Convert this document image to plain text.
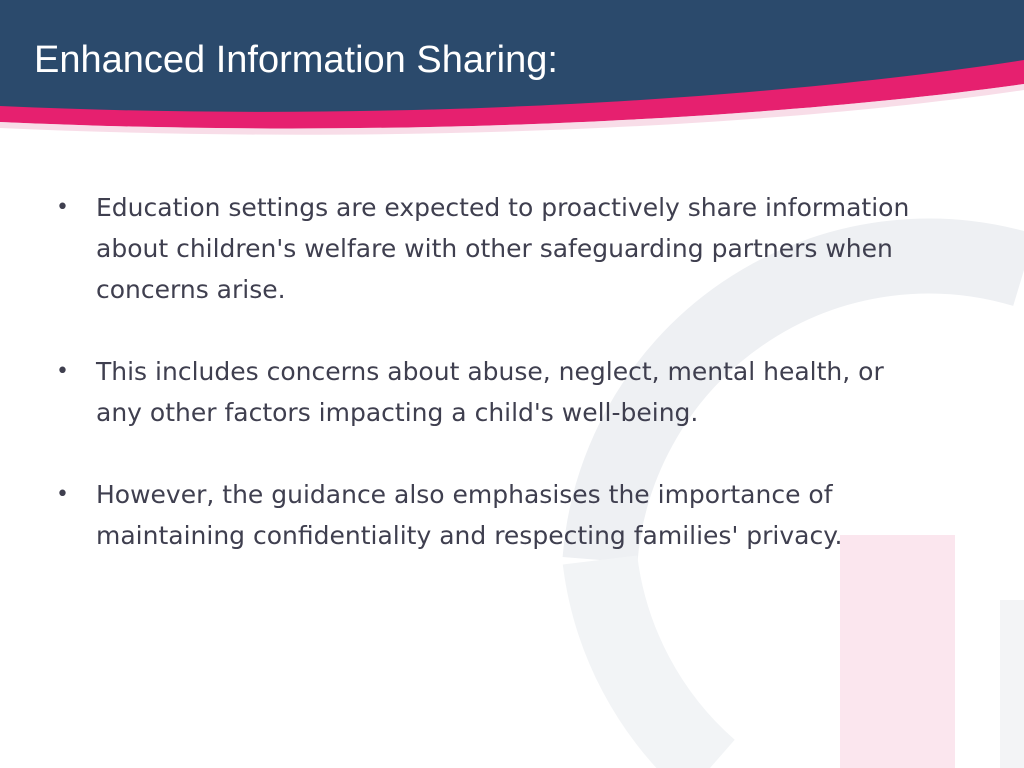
Enhanced Information Sharing:
• Education settings are expected to proactively share information about children's welfare with other safeguarding partners when concerns arise.
• This includes concerns about abuse, neglect, mental health, or any other factors impacting a child's well-being.
• However, the guidance also emphasises the importance of maintaining confidentiality and respecting families' privacy.
